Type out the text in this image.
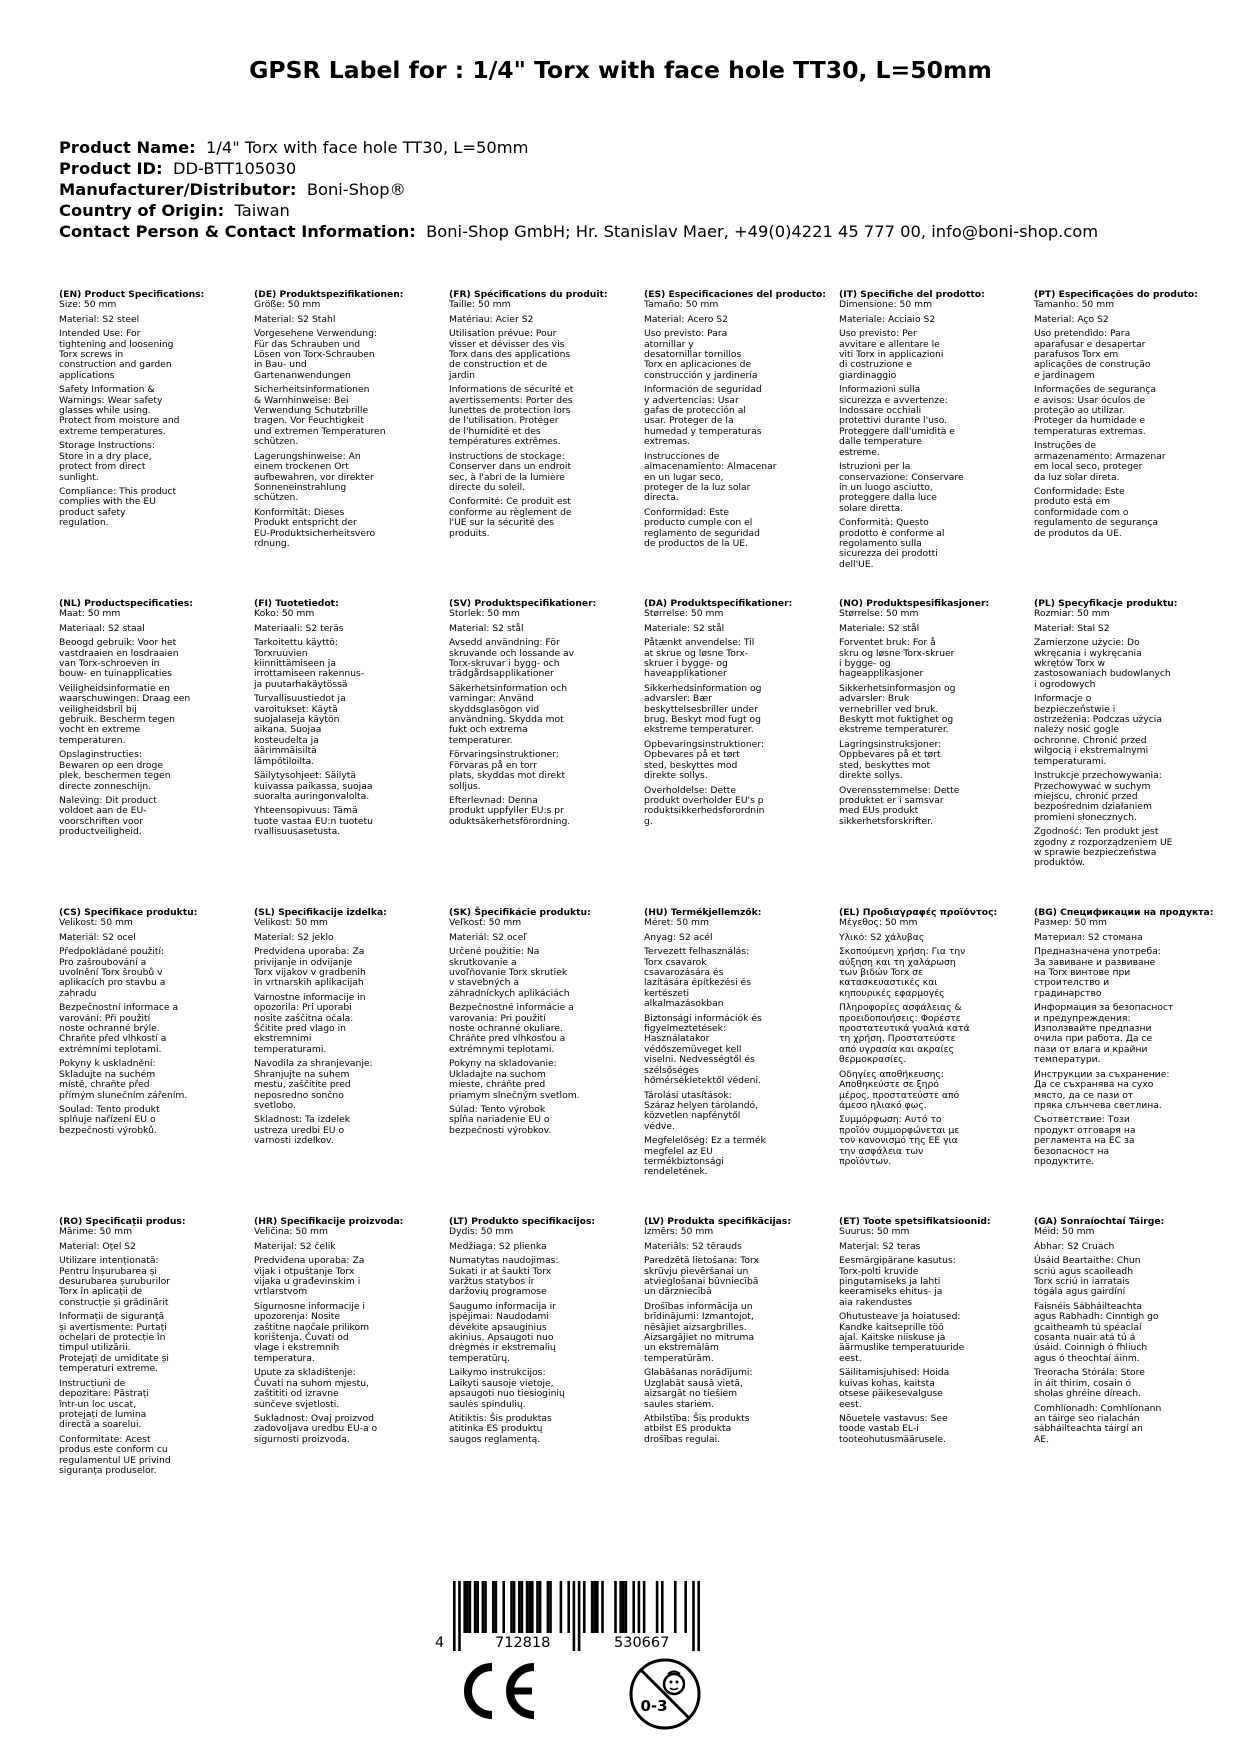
GPSR Label for : 1/4" Torx with face hole TT30, L=50mm
Product Name: 1/4" Torx with face hole TT30, L=50mm
Product ID: DD-BTT105030
Manufacturer/Distributor: Boni-Shop®
Country of Origin: Taiwan
Contact Person & Contact Information: Boni-Shop GmbH; Hr. Stanislav Maer, +49(0)4221 45 777 00, info@boni-shop.com
(EN) Product Specifications:
Size: 50 mm
Material: S2 steel
Intended Use: For
tightening and loosening
Torx screws in
construction and garden
applications
Safety Information &
Warnings: Wear safety
glasses while using.
Protect from moisture and
extreme temperatures.
Storage Instructions:
Store in a dry place,
protect from direct
sunlight.
Compliance: This product
complies with the EU
product safety
regulation.
(DE) Produktspezifikationen:
Größe: 50 mm
Material: S2 Stahl
Vorgesehene Verwendung:
Für das Schrauben und
Lösen von Torx-Schrauben
in Bau- und
Gartenanwendungen
Sicherheitsinformationen
& Warnhinweise: Bei
Verwendung Schutzbrille
tragen. Vor Feuchtigkeit
und extremen Temperaturen
schützen.
Lagerungshinweise: An
einem trockenen Ort
aufbewahren, vor direkter
Sonneneinstrahlung
schützen.
Konformität: Dieses
Produkt entspricht der
EU-Produktsicherheitsvero
rdnung.
(FR) Spécifications du produit:
Taille: 50 mm
Matériau: Acier S2
Utilisation prévue: Pour
visser et dévisser des vis
Torx dans des applications
de construction et de
jardin
Informations de sécurité et
avertissements: Porter des
lunettes de protection lors
de l'utilisation. Protéger
de l'humidité et des
températures extrêmes.
Instructions de stockage:
Conserver dans un endroit
sec, à l'abri de la lumière
directe du soleil.
Conformité: Ce produit est
conforme au règlement de
l'UE sur la sécurité des
produits.
(ES) Especificaciones del producto:
Tamaño: 50 mm
Material: Acero S2
Uso previsto: Para
atornillar y
desatornillar tornillos
Torx en aplicaciones de
construcción y jardinería
Información de seguridad
y advertencias: Usar
gafas de protección al
usar. Proteger de la
humedad y temperaturas
extremas.
Instrucciones de
almacenamiento: Almacenar
en un lugar seco,
proteger de la luz solar
directa.
Conformidad: Este
producto cumple con el
reglamento de seguridad
de productos de la UE.
(IT) Specifiche del prodotto:
Dimensione: 50 mm
Materiale: Acciaio S2
Uso previsto: Per
avvitare e allentare le
viti Torx in applicazioni
di costruzione e
giardinaggio
Informazioni sulla
sicurezza e avvertenze:
Indossare occhiali
protettivi durante l'uso.
Proteggere dall'umidità e
dalle temperature
estreme.
Istruzioni per la
conservazione: Conservare
in un luogo asciutto,
proteggere dalla luce
solare diretta.
Conformità: Questo
prodotto è conforme al
regolamento sulla
sicurezza dei prodotti
dell'UE.
(PT) Especificações do produto:
Tamanho: 50 mm
Material: Aço S2
Uso pretendido: Para
aparafusar e desapertar
parafusos Torx em
aplicações de construção
e jardinagem
Informações de segurança
e avisos: Usar óculos de
proteção ao utilizar.
Proteger da humidade e
temperaturas extremas.
Instruções de
armazenamento: Armazenar
em local seco, proteger
da luz solar direta.
Conformidade: Este
produto está em
conformidade com o
regulamento de segurança
de produtos da UE.
(NL) Productspecificaties:
Maat: 50 mm
Materiaal: S2 staal
Beoogd gebruik: Voor het
vastdraaien en losdraaien
van Torx-schroeven in
bouw- en tuinapplicaties
Veiligheidsinformatie en
waarschuwingen: Draag een
veiligheidsbril bij
gebruik. Bescherm tegen
vocht en extreme
temperaturen.
Opslaginstructies:
Bewaren op een droge
plek, beschermen tegen
directe zonneschijn.
Naleving: Dit product
voldoet aan de EU-
voorschriften voor
productveiligheid.
(FI) Tuotetiedot:
Koko: 50 mm
Materiaali: S2 teräs
Tarkoitettu käyttö:
Torxruuvien
kiinnittämiseen ja
irrottamiseen rakennus-
ja puutarhakäytössä
Turvallisuustiedot ja
varoitukset: Käytä
suojalaseja käytön
aikana. Suojaa
kosteudelta ja
äärimmäisiltä
lämpötiloilta.
Säilytysohjeet: Säilytä
kuivassa paikassa, suojaa
suoralta auringonvalolta.
Yhteensopivuus: Tämä
tuote vastaa EU:n tuotetu
rvallisuusasetusta.
(SV) Produktspecifikationer:
Storlek: 50 mm
Material: S2 stål
Avsedd användning: För
skruvande och lossande av
Torx-skruvar i bygg- och
trädgårdsapplikationer
Säkerhetsinformation och
varningar: Använd
skyddsglasögon vid
användning. Skydda mot
fukt och extrema
temperaturer.
Förvaringsinstruktioner:
Förvaras på en torr
plats, skyddas mot direkt
solljus.
Efterlevnad: Denna
produkt uppfyller EU:s pr
oduktsäkerhetsförordning.
(DA) Produktspecifikationer:
Størrelse: 50 mm
Materiale: S2 stål
Påtænkt anvendelse: Til
at skrue og løsne Torx-
skruer i bygge- og
haveapplikationer
Sikkerhedsinformation og
advarsler: Bær
beskyttelsesbriller under
brug. Beskyt mod fugt og
ekstreme temperaturer.
Opbevaringsinstruktioner:
Opbevares på et tørt
sted, beskyttes mod
direkte sollys.
Overholdelse: Dette
produkt overholder EU's p
roduktsikkerhedsforordnin
g.
(NO) Produktspesifikasjoner:
Størrelse: 50 mm
Materiale: S2 stål
Forventet bruk: For å
skru og løsne Torx-skruer
i bygge- og
hageapplikasjoner
Sikkerhetsinformasjon og
advarsler: Bruk
vernebriller ved bruk.
Beskytt mot fuktighet og
ekstreme temperaturer.
Lagringsinstruksjoner:
Oppbevares på et tørt
sted, beskyttes mot
direkte sollys.
Overensstemmelse: Dette
produktet er i samsvar
med EUs produkt
sikkerhetsforskrifter.
(PL) Specyfikacje produktu:
Rozmiar: 50 mm
Materiał: Stal S2
Zamierzone użycie: Do
wkręcania i wykręcania
wkrętów Torx w
zastosowaniach budowlanych
i ogrodowych
Informacje o
bezpieczeństwie i
ostrzeżenia: Podczas użycia
należy nosić gogle
ochronne. Chronić przed
wilgocią i ekstremalnymi
temperaturami.
Instrukcje przechowywania:
Przechowywać w suchym
miejscu, chronić przed
bezpośrednim działaniem
promieni słonecznych.
Zgodność: Ten produkt jest
zgodny z rozporządzeniem UE
w sprawie bezpieczeństwa
produktów.
(CS) Specifikace produktu:
Velikost: 50 mm
Materiál: S2 ocel
Předpokládané použití:
Pro zašroubování a
uvolnění Torx šroubů v
aplikacích pro stavbu a
zahradu
Bezpečnostní informace a
varování: Při použití
noste ochranné brýle.
Chraňte před vlhkostí a
extrémními teplotami.
Pokyny k uskladnění:
Skladujte na suchém
místě, chraňte před
přímým slunečním zářením.
Soulad: Tento produkt
splňuje nařízení EU o
bezpečnosti výrobků.
(SL) Specifikacije izdelka:
Velikost: 50 mm
Material: S2 jeklo
Predvidena uporaba: Za
privijanje in odvijanje
Torx vijakov v gradbenih
in vrtnarskih aplikacijah
Varnostne informacije in
opozorila: Pri uporabi
nosite zaščitna očala.
Ščitite pred vlago in
ekstremnimi
temperaturami.
Navodila za shranjevanje:
Shranjujte na suhem
mestu, zaščitite pred
neposredno sončno
svetlobo.
Skladnost: Ta izdelek
ustreza uredbi EU o
varnosti izdelkov.
(SK) Špecifikácie produktu:
Veľkosť: 50 mm
Materiál: S2 oceľ
Určené použitie: Na
skrutkovanie a
uvoľňovanie Torx skrutiek
v stavebných a
záhradníckych aplikáciách
Bezpečnostné informácie a
varovania: Pri použití
noste ochranné okuliare.
Chráňte pred vlhkosťou a
extrémnymi teplotami.
Pokyny na skladovanie:
Ukladajte na suchom
mieste, chráňte pred
priamym slnečným svetlom.
Súlad: Tento výrobok
spĺňa nariadenie EU o
bezpečnosti výrobkov.
(HU) Termékjellemzők:
Méret: 50 mm
Anyag: S2 acél
Tervezett felhasználás:
Torx csavarok
csavarozására és
lazítására építkezési és
kertészeti
alkalmazásokban
Biztonsági információk és
figyelmeztetések:
Használatakor
védőszemüveget kell
viselni. Nedvességtől és
szélsőséges
hőmérsékletektől védeni.
Tárolási utasítások:
Száraz helyen tárolandó,
közvetlen napfénytől
védve.
Megfelelőség: Ez a termék
megfelel az EU
termékbiztonsági
rendeletének.
(EL) Προδιαγραφές προϊόντος:
Μέγεθος: 50 mm
Υλικό: S2 χάλυβας
Σκοπούμενη χρήση: Για την
αύξηση και τη χαλάρωση
των βιδών Torx σε
κατασκευαστικές και
κηπουρικές εφαρμογές
Πληροφορίες ασφάλειας &
προειδοποιήσεις: Φορέστε
προστατευτικά γυαλιά κατά
τη χρήση. Προστατεύστε
από υγρασία και ακραίες
θερμοκρασίες.
Οδηγίες αποθήκευσης:
Αποθηκεύστε σε ξηρό
μέρος, προστατεύστε από
άμεσο ηλιακό φως.
Συμμόρφωση: Αυτό το
προϊόν συμμορφώνεται με
τον κανονισμό της ΕΕ για
την ασφάλεια των
προϊόντων.
(BG) Спецификации на продукта:
Размер: 50 mm
Материал: S2 стомана
Предназначена употреба:
За завиване и развиване
на Torx винтове при
строителство и
градинарство
Информация за безопасност
и предупреждения:
Използвайте предпазни
очила при работа. Да се
пази от влага и крайни
температури.
Инструкции за съхранение:
Да се съхранява на сухо
място, да се пази от
пряка слънчева светлина.
Съответствие: Този
продукт отговаря на
регламента на ЕС за
безопасност на
продуктите.
(RO) Specificații produs:
Mărime: 50 mm
Material: Oțel S2
Utilizare intenționată:
Pentru înșurubarea și
desurubarea șuruburilor
Torx în aplicații de
construcție și grădinărit
Informații de siguranță
și avertismente: Purtați
ochelari de protecție în
timpul utilizării.
Protejați de umiditate și
temperaturi extreme.
Instrucțiuni de
depozitare: Păstrați
într-un loc uscat,
protejați de lumina
directă a soarelui.
Conformitate: Acest
produs este conform cu
regulamentul UE privind
siguranța produselor.
(HR) Specifikacije proizvoda:
Veličina: 50 mm
Materijal: S2 čelik
Predviđena uporaba: Za
vijak i otpuštanje Torx
vijaka u građevinskim i
vrtlarstvom
Sigurnosne informacije i
upozorenja: Nosite
zaštitne naočale prilikom
korištenja. Čuvati od
vlage i ekstremnih
temperatura.
Upute za skladištenje:
Čuvati na suhom mjestu,
zaštititi od izravne
sunčeve svjetlosti.
Sukladnost: Ovaj proizvod
zadovoljava uredbu EU-a o
sigurnosti proizvoda.
(LT) Produkto specifikacijos:
Dydis: 50 mm
Medžiaga: S2 plienka
Numatytas naudojimas:
Sukati ir at šaukti Torx
varžtus statybos ir
daržovių programose
Saugumo informacija ir
įspėjimai: Naudodami
dėvėkite apsauginius
akinius. Apsaugoti nuo
drėgmės ir ekstremalių
temperatūrų.
Laikymo instrukcijos:
Laikyti sausoje vietoje,
apsaugoti nuo tiesioginių
saulės spindulių.
Atitiktis: Šis produktas
atitinka ES produktų
saugos reglamentą.
(LV) Produkta specifikācijas:
Izmērs: 50 mm
Materiāls: S2 tērauds
Paredzētā lietošana: Torx
skrūvju pievēršanai un
atvieglošanai būvniecībā
un dārzniecībā
Drošības informācija un
brīdinājumi: Izmantojot,
nēsājiet aizsargbrilles.
Aizsargājiet no mitruma
un ekstremālām
temperatūrām.
Glabāšanas norādījumi:
Uzglabāt sausā vietā,
aizsargāt no tiešiem
saules stariem.
Atbilstība: Šis produkts
atbilst ES produkta
drošības regulai.
(ET) Toote spetsifikatsioonid:
Suurus: 50 mm
Materjal: S2 teras
Eesmärgipärane kasutus:
Torx-polti kruvide
pingutamiseks ja lahti
keeramiseks ehitus- ja
aia rakendustes
Ohutusteave ja hoiatused:
Kandke kaitseprille töö
ajal. Kaitske niiskuse ja
äärmuslike temperatuuride
eest.
Säilitamisjuhised: Hoida
kuivas kohas, kaitsta
otsese päikesevalguse
eest.
Nõuetele vastavus: See
toode vastab EL-i
tooteohutusmäärusele.
(GA) Sonraíochtaí Táirge:
Méid: 50 mm
Ábhar: S2 Cruach
Úsáid Beartaithe: Chun
scriú agus scaoileadh
Torx scriú in iarratais
tógála agus gairdíní
Faisnéis Sábháilteachta
agus Rabhadh: Cinntigh go
gcaitheamh tú spéaclaí
cosanta nuair atá tú á
úsáid. Coinnigh ó fhliuch
agus ó theochtaí áinm.
Treoracha Stórála: Store
in áit thirim, cosain ó
sholas ghréine díreach.
Comhlíonadh: Comhlíonann
an táirge seo rialachán
sábháilteachta táirgí an
AE.
4	712818	530667
0-3
